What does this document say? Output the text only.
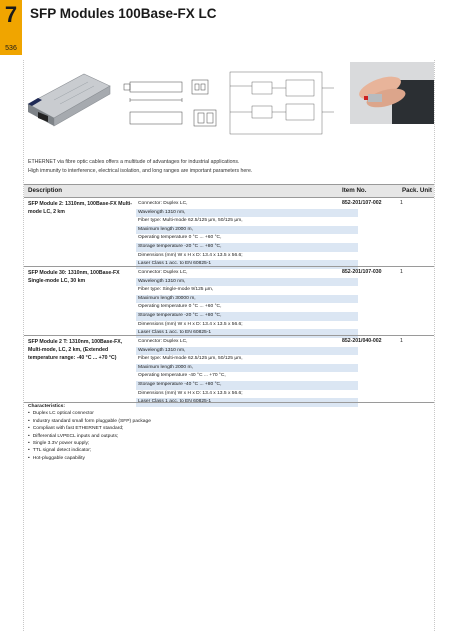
7
536
SFP Modules 100Base-FX LC
ETHERNET via fibre optic cables offers a multitude of advantages for industrial applications.
High immunity to interference, electrical isolation, and long ranges are important parameters here.
Description	Item No.	Pack. Unit
SFP Module 2: 1310nm, 100Base-FX Multi-mode LC, 2 km
Connector: Duplex LC,
Wavelength 1310 nm,
Fiber type: Multi-mode 62.5/125 µm, 50/125 µm,
Maximum length 2000 m,
Operating temperature 0 °C ... +60 °C,
Storage temperature -20 °C ... +80 °C,
Dimensions (mm) W x H x D: 13.4 x 13.5 x 56.6;
Laser Class 1 acc. to EN 60825-1
852-201/107-002	1
SFP Module 30: 1310nm, 100Base-FX Single-mode LC, 30 km
Connector: Duplex LC,
Wavelength 1310 nm,
Fiber type: Single-mode 9/125 µm,
Maximum length 30000 m,
Operating temperature 0 °C ... +60 °C,
Storage temperature -20 °C ... +80 °C,
Dimensions (mm) W x H x D: 13.4 x 13.5 x 56.6;
Laser Class 1 acc. to EN 60825-1
852-201/107-030	1
SFP Module 2 T: 1310nm, 100Base-FX, Multi-mode, LC, 2 km, (Extended temperature range: -40 °C ... +70 °C)
Connector: Duplex LC,
Wavelength 1310 nm,
Fiber type: Multi-mode 62.5/125 µm, 50/125 µm,
Maximum length 2000 m,
Operating temperature -40 °C ... +70 °C,
Storage temperature -40 °C ... +80 °C,
Dimensions (mm) W x H x D: 13.4 x 13.5 x 56.6;
Laser Class 1 acc. to EN 60825-1
852-201/040-002	1
Characteristics:
• Duplex LC optical connector
• Industry standard small form pluggable (SFP) package
• Compliant with fast ETHERNET standard;
• Differential LVPECL inputs and outputs;
• Single 3.3V power supply;
• TTL signal detect indicator;
• Hot-pluggable capability
